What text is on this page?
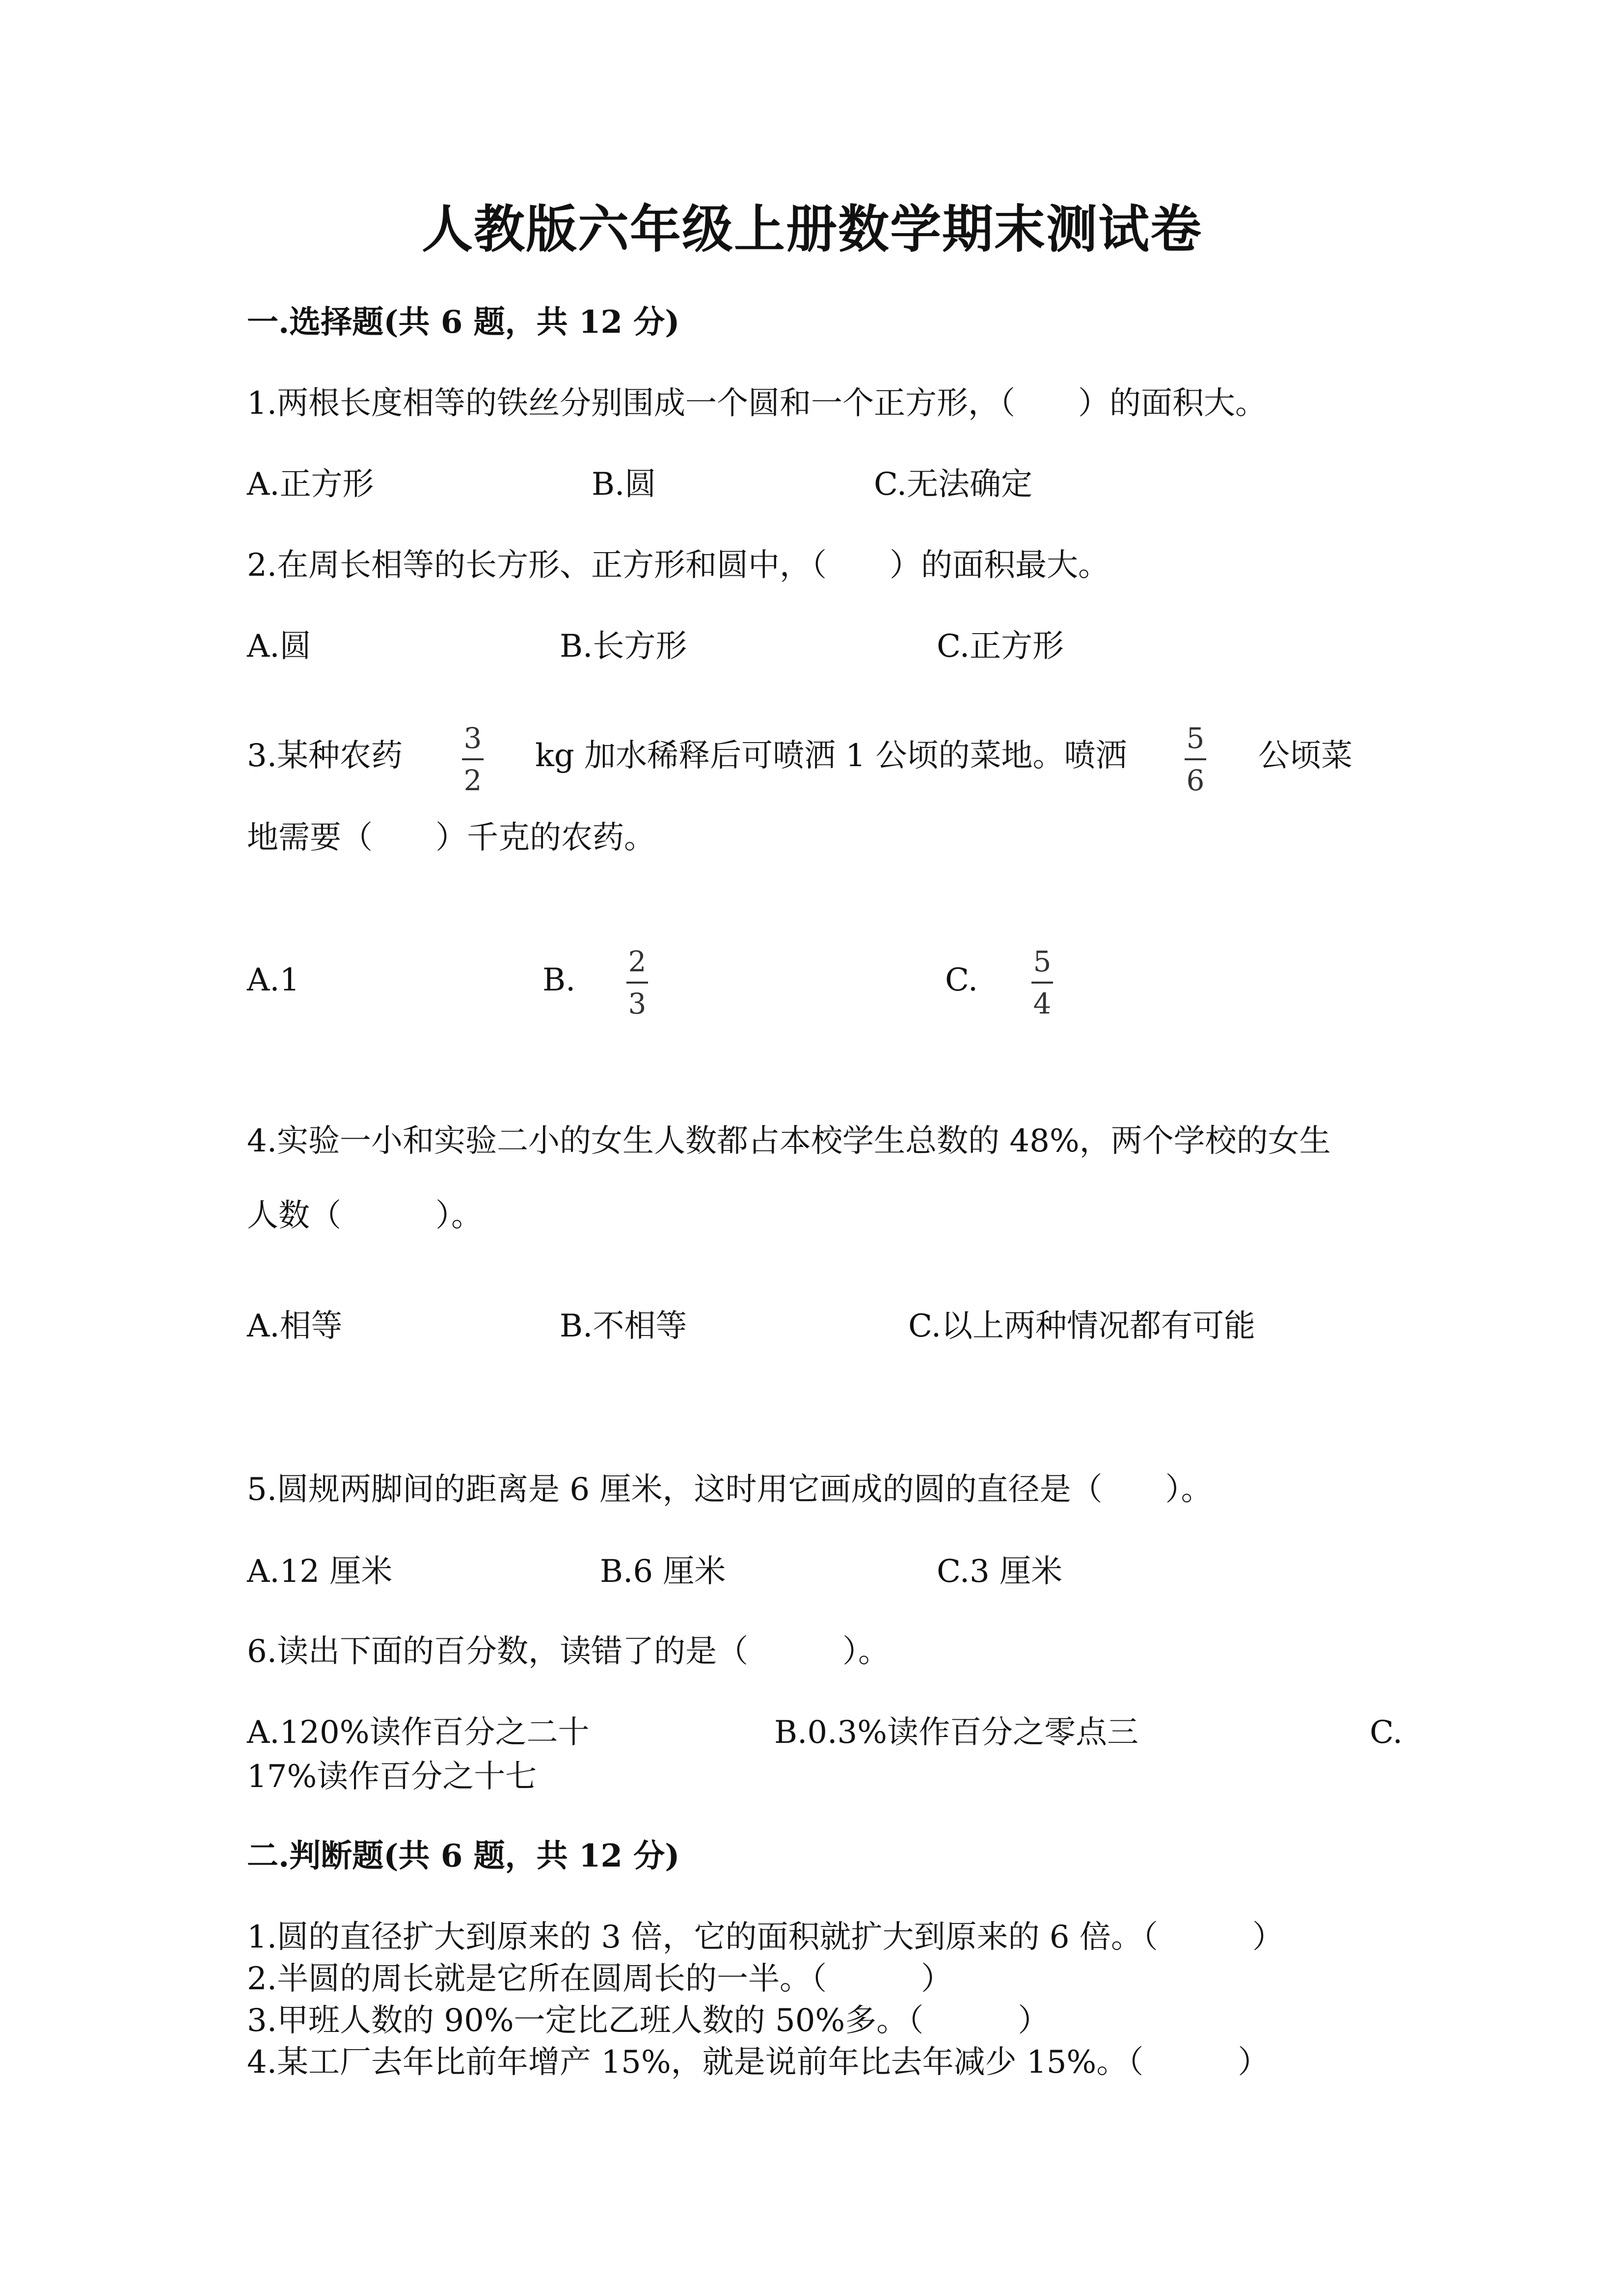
人教版六年级上册数学期末测试卷
一.选择题(共 6 题，共 12 分)
1.两根长度相等的铁丝分别围成一个圆和一个正方形，（　　）的面积大。
A.正方形	B.圆	C.无法确定
2.在周长相等的长方形、正方形和圆中，（　　）的面积最大。
A.圆	B.长方形	C.正方形
3.某种农药	3
2
kg 加水稀释后可喷洒 1 公顷的菜地。喷洒	5
6
公顷菜
地需要（　　）千克的农药。
A.1	B.
2
3
C.
5
4
4.实验一小和实验二小的女生人数都占本校学生总数的 48%，两个学校的女生
人数（　　　）。
A.相等	B.不相等	C.以上两种情况都有可能
5.圆规两脚间的距离是 6 厘米，这时用它画成的圆的直径是（　　）。
A.12 厘米	B.6 厘米	C.3 厘米
6.读出下面的百分数，读错了的是（　　　）。
A.120%读作百分之二十	B.0.3%读作百分之零点三	C.
17%读作百分之十七
二.判断题(共 6 题，共 12 分)
1.圆的直径扩大到原来的 3 倍，它的面积就扩大到原来的 6 倍。（　　　）
2.半圆的周长就是它所在圆周长的一半。（　　　）
3.甲班人数的 90%一定比乙班人数的 50%多。（　　　）
4.某工厂去年比前年增产 15%，就是说前年比去年减少 15%。（　　　）
